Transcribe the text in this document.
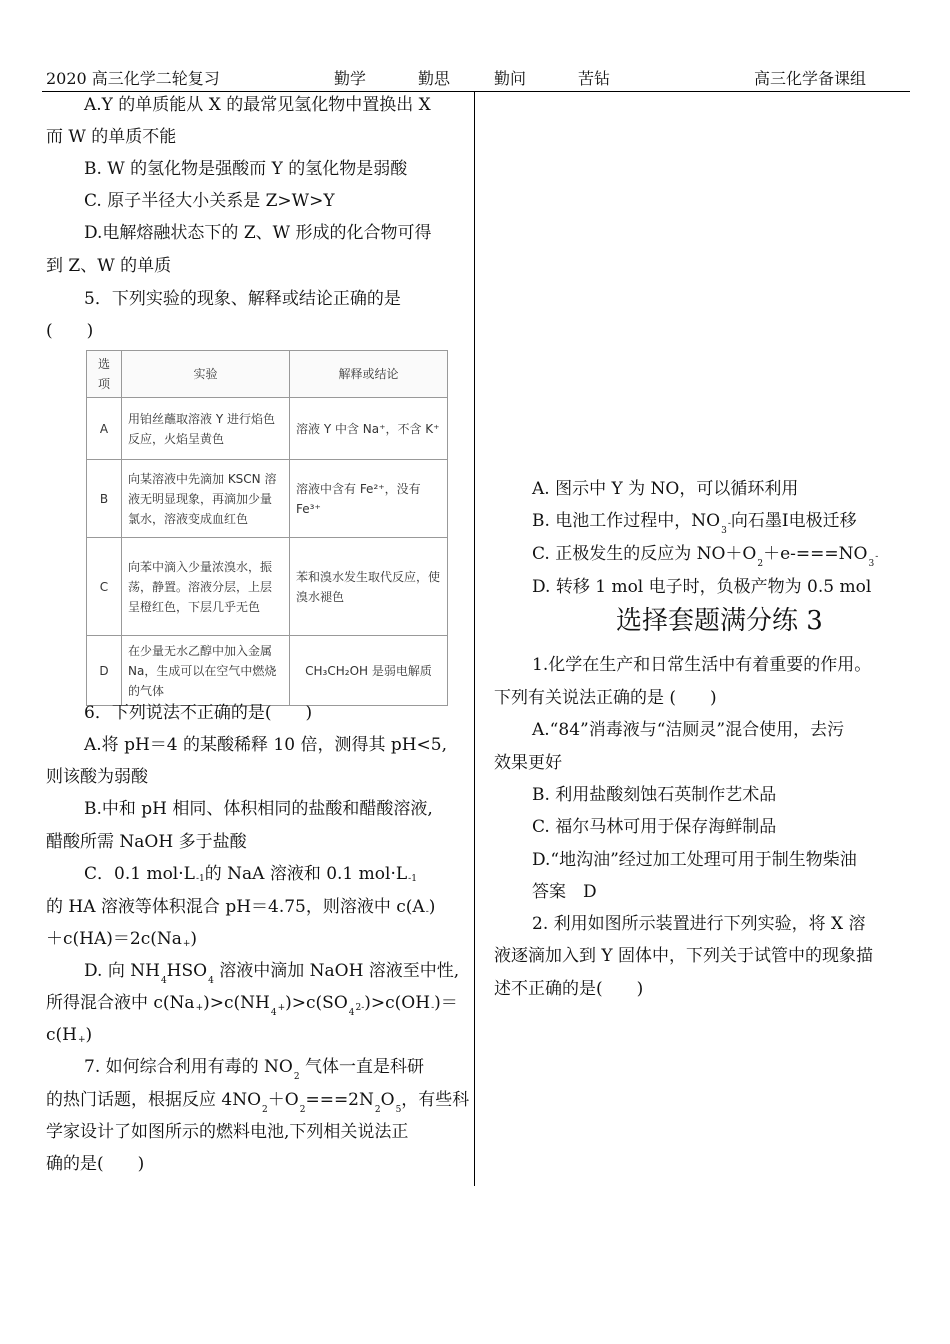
2020 高三化学二轮复习	勤学	勤思	勤问	苦钻	高三化学备课组
A.Y 的单质能从 X 的最常见氢化物中置换出 X
而 W 的单质不能
B. W 的氢化物是强酸而 Y 的氢化物是弱酸
C. 原子半径大小关系是 Z>W>Y
D.电解熔融状态下的 Z、W 形成的化合物可得
到 Z、W 的单质
5．下列实验的现象、解释或结论正确的是
(　　)
选项	实验	解释或结论
A	用铂丝蘸取溶液 Y 进行焰色反应，火焰呈黄色	溶液 Y 中含 Na⁺，不含 K⁺
B	向某溶液中先滴加 KSCN 溶液无明显现象，再滴加少量氯水，溶液变成血红色	溶液中含有 Fe²⁺，没有 Fe³⁺
C	向苯中滴入少量浓溴水，振荡，静置。溶液分层，上层呈橙红色，下层几乎无色	苯和溴水发生取代反应，使溴水褪色
D	在少量无水乙醇中加入金属 Na，生成可以在空气中燃烧的气体	CH₃CH₂OH 是弱电解质
6．下列说法不正确的是(　　)
A.将 pH＝4 的某酸稀释 10 倍，测得其 pH<5,
则该酸为弱酸
B.中和 pH 相同、体积相同的盐酸和醋酸溶液,
醋酸所需 NaOH 多于盐酸
C．0.1 mol·L-1的 NaA 溶液和 0.1 mol·L-1
的 HA 溶液等体积混合 pH＝4.75，则溶液中 c(A-)
＋c(HA)＝2c(Na+)
D. 向 $NH_4HSO_4$ 溶液中滴加 NaOH 溶液至中性,
所得混合液中 $c(Na+)>c(NH_4+)>c(SO_42-)>c(OH-)=$
c(H+)
7. 如何综合利用有毒的 $NO_2$ 气体一直是科研
的热门话题，根据反应 $4NO_2+O_2===2N_2O_5$，有些科
学家设计了如图所示的燃料电池,下列相关说法正
确的是(　　)
A. 图示中 Y 为 NO，可以循环利用
B. 电池工作过程中，$NO_3-$向石墨Ⅰ电极迁移
C. 正极发生的反应为 $NO+O_2+e-===NO_3-$
D. 转移 1 mol 电子时，负极产物为 0.5 mol
选择套题满分练 3
1.化学在生产和日常生活中有着重要的作用。
下列有关说法正确的是 (　　)
A.“84”消毒液与“洁厕灵”混合使用，去污
效果更好
B. 利用盐酸刻蚀石英制作艺术品
C. 福尔马林可用于保存海鲜制品
D.“地沟油”经过加工处理可用于制生物柴油
答案　D
2. 利用如图所示装置进行下列实验，将 X 溶
液逐滴加入到 Y 固体中，下列关于试管中的现象描
述不正确的是(　　)
